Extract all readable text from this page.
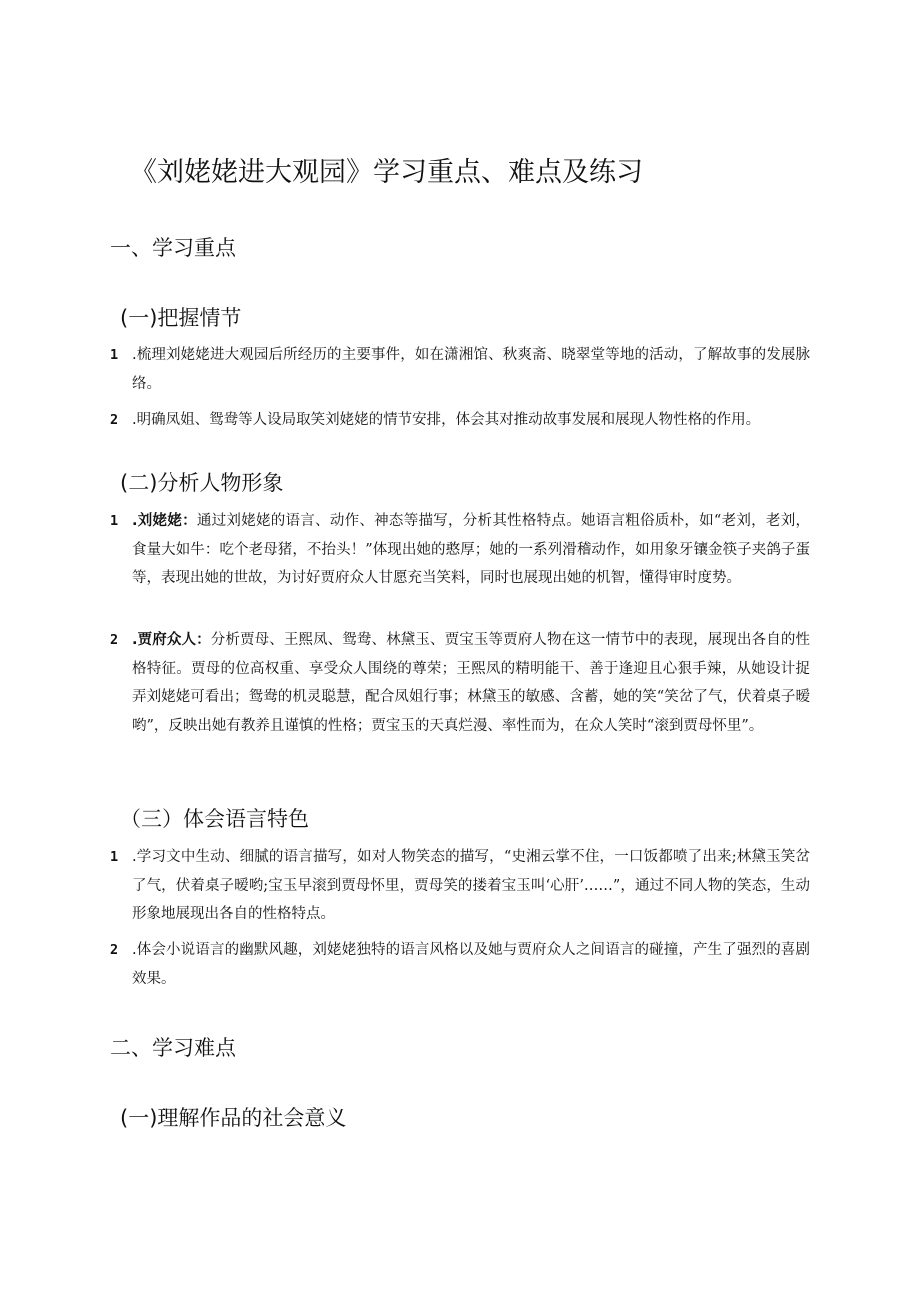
《刘姥姥进大观园》学习重点、难点及练习
一、学习重点
(一)把握情节
1 .梳理刘姥姥进大观园后所经历的主要事件，如在潇湘馆、秋爽斋、晓翠堂等地的活动，了解故事的发展脉络。
2 .明确凤姐、鸳鸯等人设局取笑刘姥姥的情节安排，体会其对推动故事发展和展现人物性格的作用。
(二)分析人物形象
1 .刘姥姥：通过刘姥姥的语言、动作、神态等描写，分析其性格特点。她语言粗俗质朴，如“老刘，老刘，食量大如牛：吃个老母猪，不抬头！”体现出她的憨厚；她的一系列滑稽动作，如用象牙镶金筷子夹鸽子蛋等，表现出她的世故，为讨好贾府众人甘愿充当笑料，同时也展现出她的机智，懂得审时度势。
2 .贾府众人：分析贾母、王熙凤、鸳鸯、林黛玉、贾宝玉等贾府人物在这一情节中的表现，展现出各自的性格特征。贾母的位高权重、享受众人围绕的尊荣；王熙凤的精明能干、善于逢迎且心狠手辣，从她设计捉弄刘姥姥可看出；鸳鸯的机灵聪慧，配合凤姐行事；林黛玉的敏感、含蓄，她的笑“笑岔了气，伏着桌子暧哟”，反映出她有教养且谨慎的性格；贾宝玉的天真烂漫、率性而为，在众人笑时“滚到贾母怀里”。
（三）体会语言特色
1 .学习文中生动、细腻的语言描写，如对人物笑态的描写，“史湘云掌不住，一口饭都喷了出来;林黛玉笑岔了气，伏着桌子暧哟;宝玉早滚到贾母怀里，贾母笑的搂着宝玉叫‘心肝’……”，通过不同人物的笑态，生动形象地展现出各自的性格特点。
2 .体会小说语言的幽默风趣，刘姥姥独特的语言风格以及她与贾府众人之间语言的碰撞，产生了强烈的喜剧效果。
二、学习难点
(一)理解作品的社会意义
